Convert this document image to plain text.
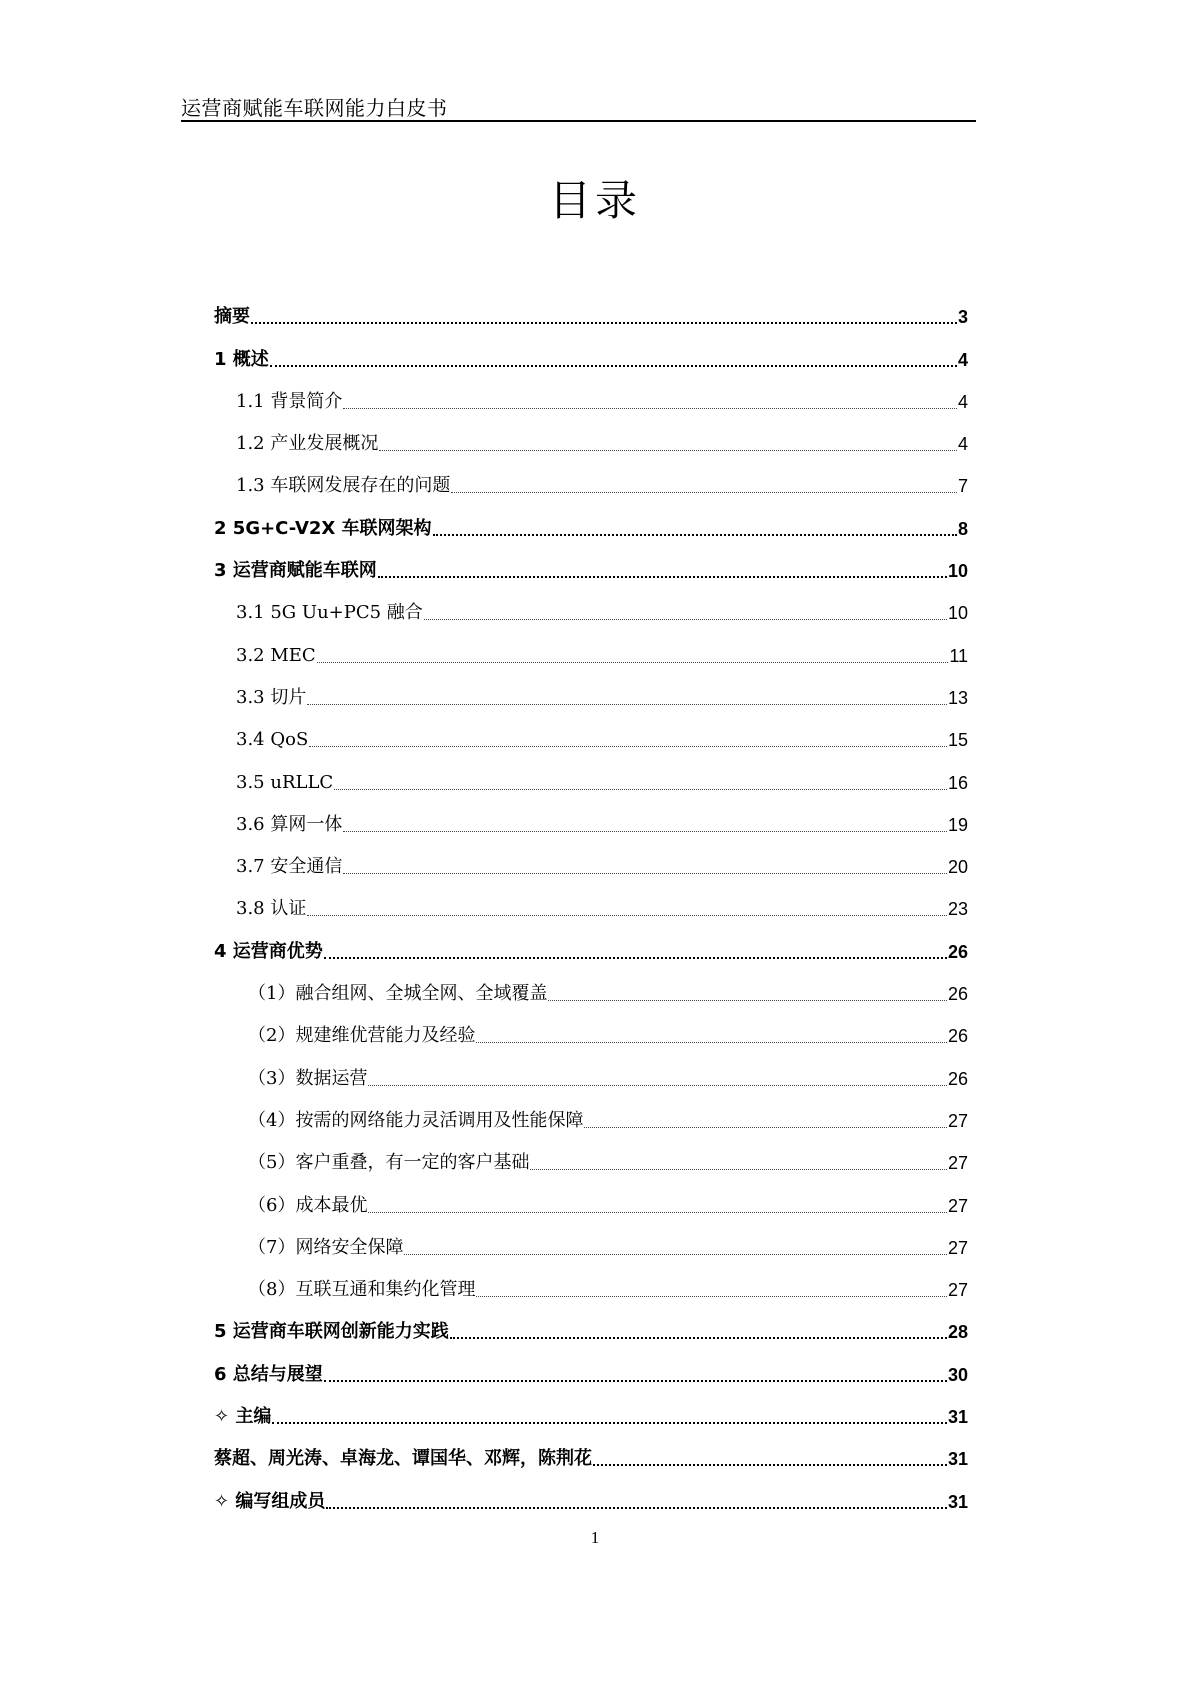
运营商赋能车联网能力白皮书
目录
摘要	3
1 概述	4
1.1 背景简介	4
1.2 产业发展概况	4
1.3 车联网发展存在的问题	7
2 5G+C-V2X 车联网架构	8
3 运营商赋能车联网	10
3.1 5G Uu+PC5 融合	10
3.2 MEC	11
3.3 切片	13
3.4 QoS	15
3.5 uRLLC	16
3.6 算网一体	19
3.7 安全通信	20
3.8 认证	23
4 运营商优势	26
（1）融合组网、全城全网、全域覆盖	26
（2）规建维优营能力及经验	26
（3）数据运营	26
（4）按需的网络能力灵活调用及性能保障	27
（5）客户重叠，有一定的客户基础	27
（6）成本最优	27
（7）网络安全保障	27
（8）互联互通和集约化管理	27
5 运营商车联网创新能力实践	28
6 总结与展望	30
✧ 主编	31
蔡超、周光涛、卓海龙、谭国华、邓辉，陈荆花	31
✧ 编写组成员	31
1
